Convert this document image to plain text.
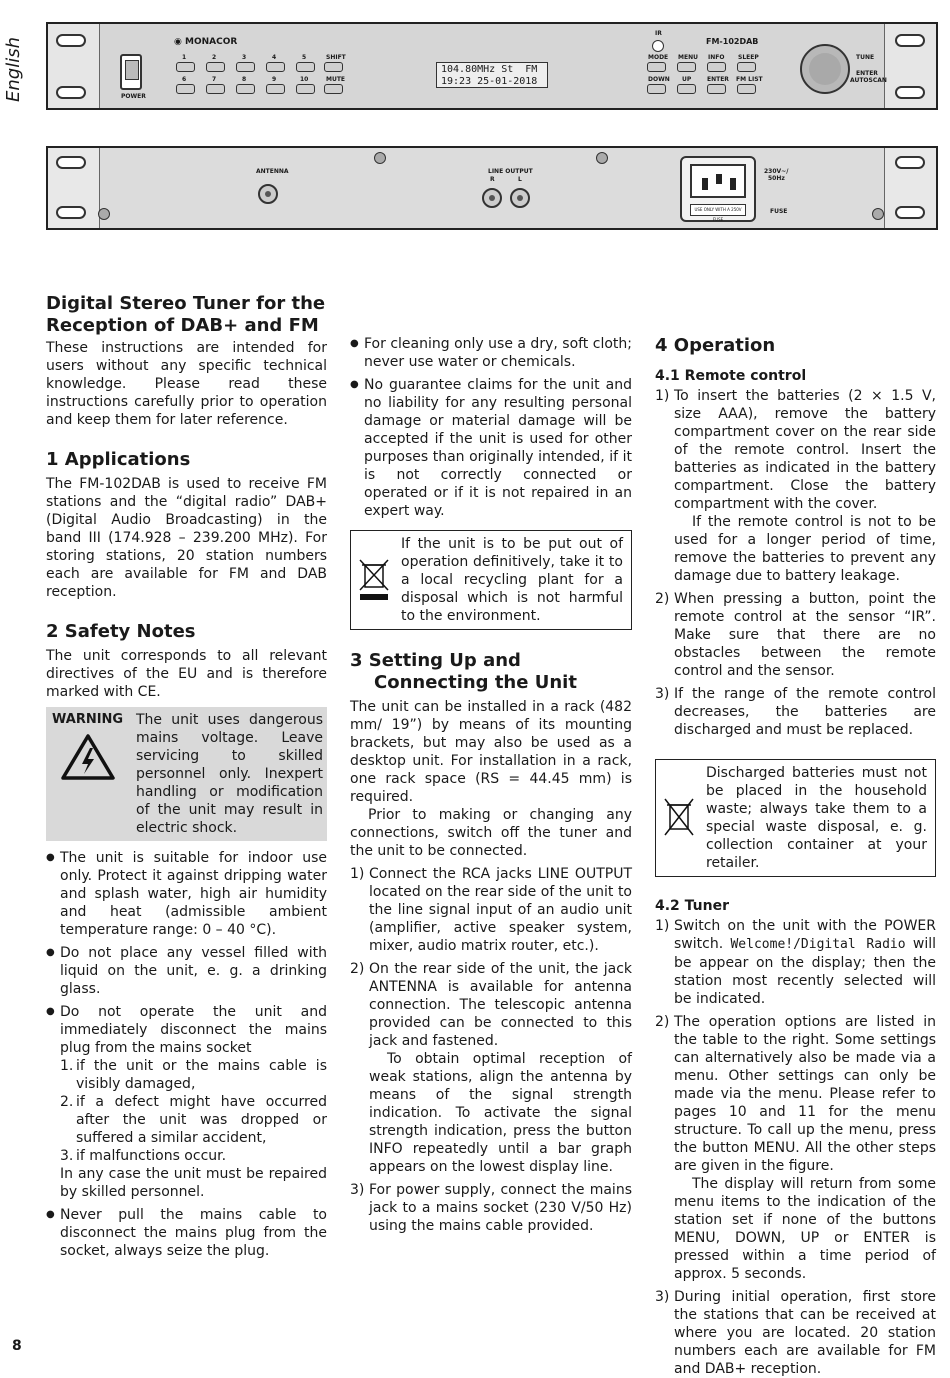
English	POWER
◉ MONACOR	FM-102DAB
1	2	3	4	5	SHIFT
6	7	8	9	10	MUTE
104.80MHz St  FM
19:23 25-01-2018
IR
MODE MENU INFO SLEEP
DOWN UP	ENTER FM LIST
TUNE
ENTER
AUTOSCAN
ANTENNA	LINE OUTPUT
R	L
USE ONLY WITH A 250V FUSE
230V~/
50Hz
FUSE
Digital Stereo Tuner for the Reception of DAB+ and FM

These instructions are intended for users without any specific technical knowledge. Please read these instructions carefully prior to operation and keep them for later reference.

1 Applications

The FM-102DAB is used to receive FM stations and the “digital radio” DAB+ (Digital Audio Broadcasting) in the band III (174.928 – 239.200 MHz). For storing stations, 20 station numbers each are available for FM and DAB reception.

2 Safety Notes

The unit corresponds to all relevant directives of the EU and is therefore marked with CE.

WARNING The unit uses dangerous mains voltage. Leave servicing to skilled personnel only. Inexpert handling or modification of the unit may result in electric shock.

● The unit is suitable for indoor use only. Protect it against dripping water and splash water, high air humidity and heat (admissible ambient temperature range: 0 – 40 °C).
● Do not place any vessel filled with liquid on the unit, e. g. a drinking glass.
● Do not operate the unit and immediately disconnect the mains plug from the mains socket
1. if the unit or the mains cable is visibly damaged,
2. if a defect might have occurred after the unit was dropped or suffered a similar accident,
3. if malfunctions occur.
In any case the unit must be repaired by skilled personnel.
● Never pull the mains cable to disconnect the mains plug from the socket, always seize the plug.
● For cleaning only use a dry, soft cloth; never use water or chemicals.
● No guarantee claims for the unit and no liability for any resulting personal damage or material damage will be accepted if the unit is used for other purposes than originally intended, if it is not correctly connected or operated or if it is not repaired in an expert way.

If the unit is to be put out of operation definitively, take it to a local recycling plant for a disposal which is not harmful to the environment.

3 Setting Up and
Connecting the Unit

The unit can be installed in a rack (482 mm/ 19”) by means of its mounting brackets, but may also be used as a desktop unit. For installation in a rack, one rack space (RS = 44.45 mm) is required.

Prior to making or changing any connections, switch off the tuner and the unit to be connected.

1) Connect the RCA jacks LINE OUTPUT located on the rear side of the unit to the line signal input of an audio unit (amplifier, active speaker system, mixer, audio matrix router, etc.).
2) On the rear side of the unit, the jack ANTENNA is available for antenna connection. The telescopic antenna provided can be connected to this jack and fastened.

To obtain optimal reception of weak stations, align the antenna by means of the signal strength indication. To activate the signal strength indication, press the button INFO repeatedly until a bar graph appears on the lowest display line.

3) For power supply, connect the mains jack to a mains socket (230 V/50 Hz) using the mains cable provided.
4 Operation
4.1 Remote control
1) To insert the batteries (2 × 1.5 V, size AAA), remove the battery compartment cover on the rear side of the remote control. Insert the batteries as indicated in the battery compartment. Close the battery compartment with the cover.

If the remote control is not to be used for a longer period of time, remove the batteries to prevent any damage due to battery leakage.

2) When pressing a button, point the remote control at the sensor “IR”. Make sure that there are no obstacles between the remote control and the sensor.
3) If the range of the remote control decreases, the batteries are discharged and must be replaced.

Discharged batteries must not be placed in the household waste; always take them to a special waste disposal, e. g. collection container at your retailer.

4.2 Tuner
1) Switch on the unit with the POWER switch. Welcome!/Digital Radio will be appear on the display; then the station most recently selected will be indicated.
2) The operation options are listed in the table to the right. Some settings can alternatively also be made via a menu. Other settings can only be made via the menu. Please refer to pages 10 and 11 for the menu structure. To call up the menu, press the button MENU. All the other steps are given in the figure.

The display will return from some menu items to the indication of the station set if none of the buttons MENU, DOWN, UP or ENTER is pressed within a time period of approx. 5 seconds.

3) During initial operation, first store the stations that can be received at where you are located. 20 station numbers each are available for FM and DAB+ reception.
8
